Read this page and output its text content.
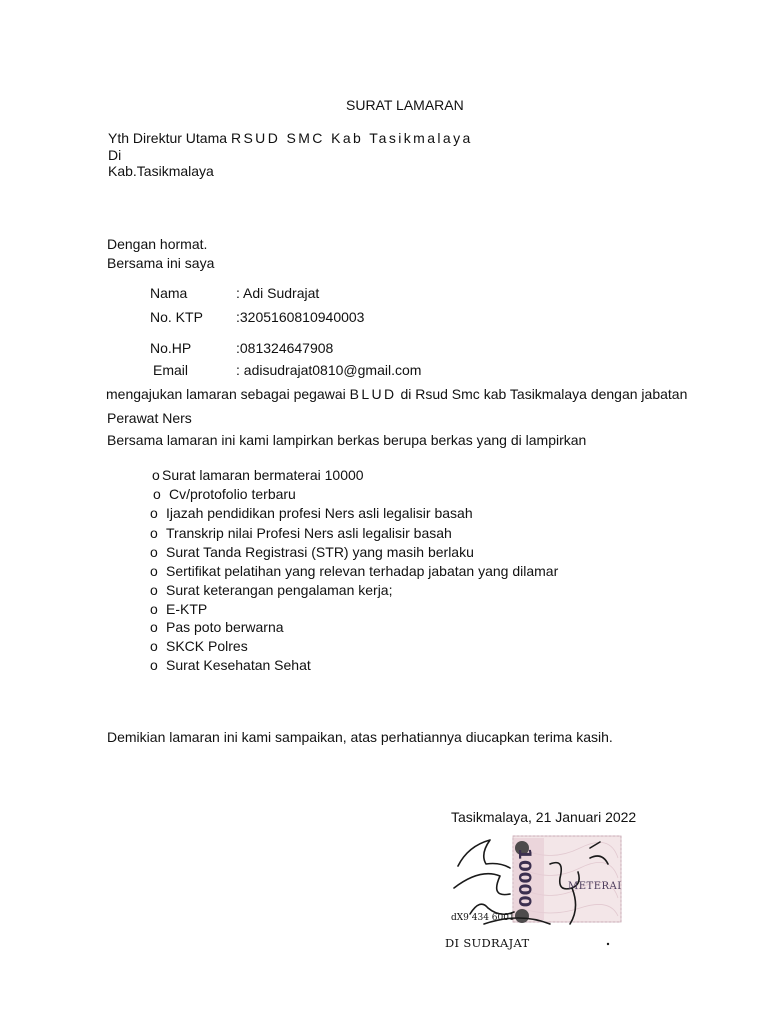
SURAT LAMARAN
Yth Direktur Utama RSUD SMC Kab Tasikmalaya
Di
Kab.Tasikmalaya
Dengan hormat.
Bersama ini saya
Nama	: Adi Sudrajat
No. KTP :3205160810940003
No.HP	:081324647908
Email	: adisudrajat0810@gmail.com
mengajukan lamaran sebagai pegawai BLUD di Rsud Smc kab Tasikmalaya dengan jabatan
Perawat Ners
Bersama lamaran ini kami lampirkan berkas berupa berkas yang di lampirkan
o Surat lamaran bermaterai 10000
o Cv/protofolio terbaru
o Ijazah pendidikan profesi Ners asli legalisir basah
o Transkrip nilai Profesi Ners asli legalisir basah
o Surat Tanda Registrasi (STR) yang masih berlaku
o Sertifikat pelatihan yang relevan terhadap jabatan yang dilamar
o Surat keterangan pengalaman kerja;
o E-KTP
o Pas poto berwarna
o SKCK Polres
o Surat Kesehatan Sehat
Demikian lamaran ini kami sampaikan, atas perhatiannya diucapkan terima kasih.
Tasikmalaya, 21 Januari 2022
10000	METERAI
dX9 434 6001
DI SUDRAJAT
